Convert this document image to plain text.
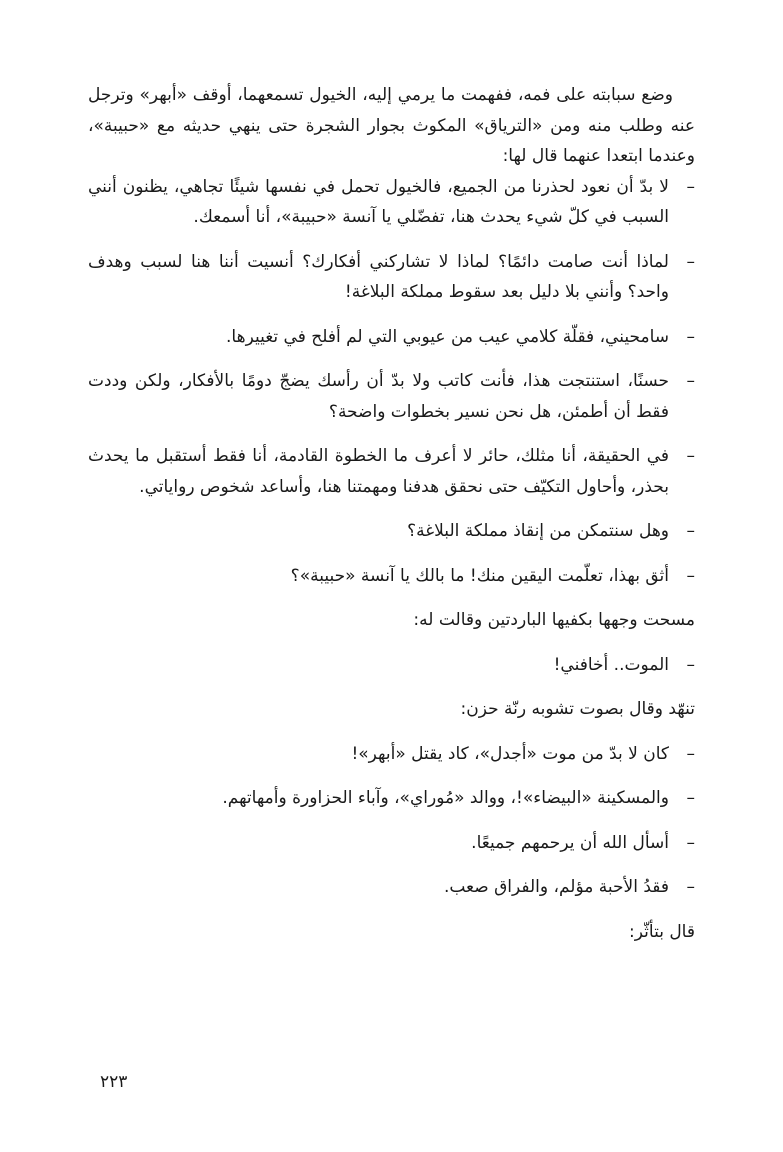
وضع سبابته على فمه، ففهمت ما يرمي إليه، الخيول تسمعهما، أوقف «أبهر» وترجل عنه وطلب منه ومن «الترياق» المكوث بجوار الشجرة حتى ينهي حديثه مع «حبيبة»، وعندما ابتعدا عنهما قال لها:

–
لا بدّ أن نعود لحذرنا من الجميع، فالخيول تحمل في نفسها شيئًا تجاهي، يظنون أنني السبب في كلّ شيء يحدث هنا، تفضّلي يا آنسة «حبيبة»، أنا أسمعك.
–
لماذا أنت صامت دائمًا؟ لماذا لا تشاركني أفكارك؟ أنسيت أننا هنا لسبب وهدف واحد؟ وأنني بلا دليل بعد سقوط مملكة البلاغة!
–
سامحيني، فقلّة كلامي عيب من عيوبي التي لم أفلح في تغييرها.
–
حسنًا، استنتجت هذا، فأنت كاتب ولا بدّ أن رأسك يضجّ دومًا بالأفكار، ولكن وددت فقط أن أطمئن، هل نحن نسير بخطوات واضحة؟
–
في الحقيقة، أنا مثلك، حائر لا أعرف ما الخطوة القادمة، أنا فقط أستقبل ما يحدث بحذر، وأحاول التكيّف حتى نحقق هدفنا ومهمتنا هنا، وأساعد شخوص رواياتي.
–
وهل سنتمكن من إنقاذ مملكة البلاغة؟
–
أثق بهذا، تعلّمت اليقين منك! ما بالك يا آنسة «حبيبة»؟

مسحت وجهها بكفيها الباردتين وقالت له:

–
الموت.. أخافني!

تنهّد وقال بصوت تشوبه رنّة حزن:

–
كان لا بدّ من موت «أجدل»، كاد يقتل «أبهر»!
–
والمسكينة «البيضاء»!، ووالد «مُوراي»، وآباء الحزاورة وأمهاتهم.
–
أسأل الله أن يرحمهم جميعًا.
–
فقدُ الأحبة مؤلم، والفراق صعب.

قال بتأثّر:

٢٢٣
